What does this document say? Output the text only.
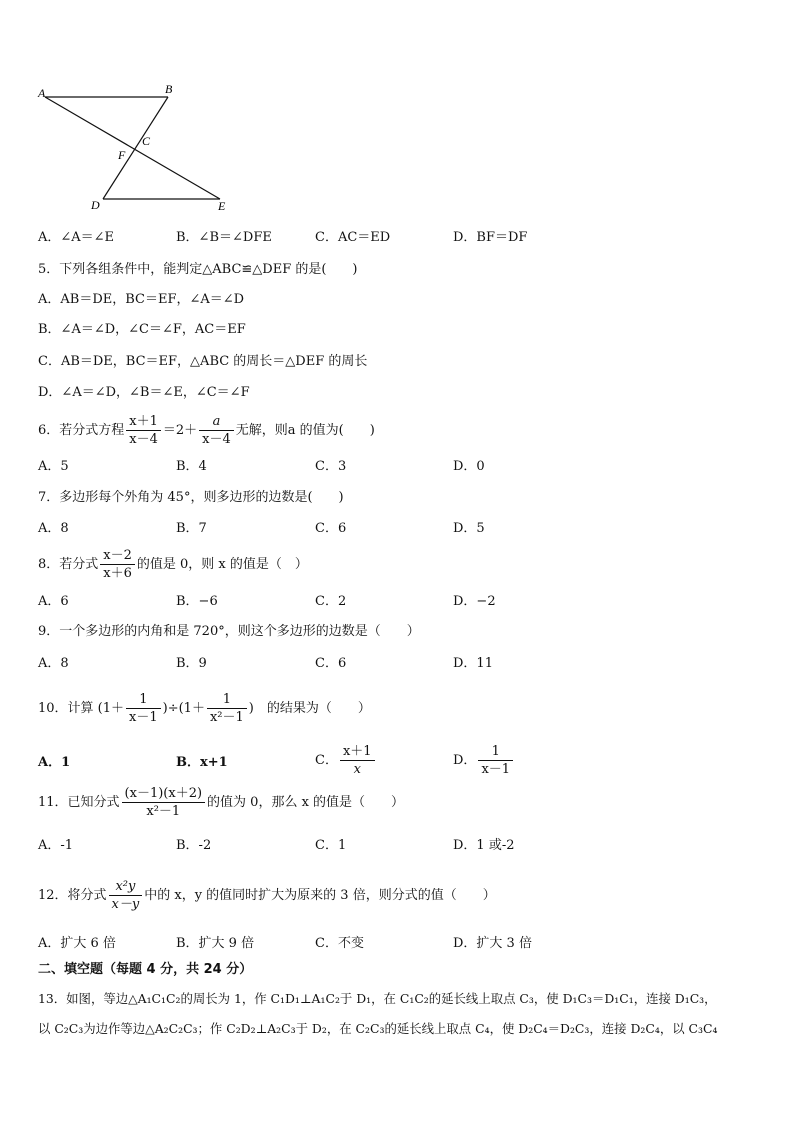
A	B
C
F
D	E
A．∠A＝∠E	B．∠B＝∠DFE	C．AC＝ED	D．BF＝DF
5．下列各组条件中，能判定△ABC≌△DEF 的是(　　)
A．AB＝DE，BC＝EF，∠A＝∠D
B．∠A＝∠D，∠C＝∠F，AC＝EF
C．AB＝DE，BC＝EF，△ABC 的周长＝△DEF 的周长
D．∠A＝∠D，∠B＝∠E，∠C＝∠F
6．若分式方程 $\frac{x+1}{x-4} =2+ \frac{a}{x-4}$ 无解，则a 的值为(　　)
A．5	B．4	C．3	D．0
7．多边形每个外角为 45°，则多边形的边数是(　　)
A．8	B．7	C．6	D．5
8．若分式 $\frac{x-2}{x+6}$ 的值是 0，则 x 的值是（　）
A．6	B．−6	C．2	D．−2
9．一个多边形的内角和是 720°，则这个多边形的边数是（　　）
A．8	B．9	C．6	D．11
10．计算 $(1+ \frac{1}{x-1} )\div(1+ \frac{1}{\text{x²－1}}$ )　的结果为（　　）
A．1	B．x+1	C． $\frac{x+1}{x}$	D． $\frac{1}{x-1}$
11．已知分式 $\frac{(x-1)(x+2)}{\text{x²－1}}$ 的值为 0，那么 x 的值是（　　）
A．-1	B．-2	C．1	D．1 或-2
12．将分式 $\frac{\text{x²y}}{x-y}$ 中的 x，y 的值同时扩大为原来的 3 倍，则分式的值（　　）
A．扩大 6 倍	B．扩大 9 倍	C．不变	D．扩大 3 倍
二、填空题（每题 4 分，共 24 分）
13．如图，等边△A₁C₁C₂的周长为 1，作 C₁D₁⊥A₁C₂于 D₁，在 C₁C₂的延长线上取点 C₃，使 D₁C₃＝D₁C₁，连接 D₁C₃，
以 C₂C₃为边作等边△A₂C₂C₃；作 C₂D₂⊥A₂C₃于 D₂，在 C₂C₃的延长线上取点 C₄，使 D₂C₄＝D₂C₃，连接 D₂C₄，以 C₃C₄
